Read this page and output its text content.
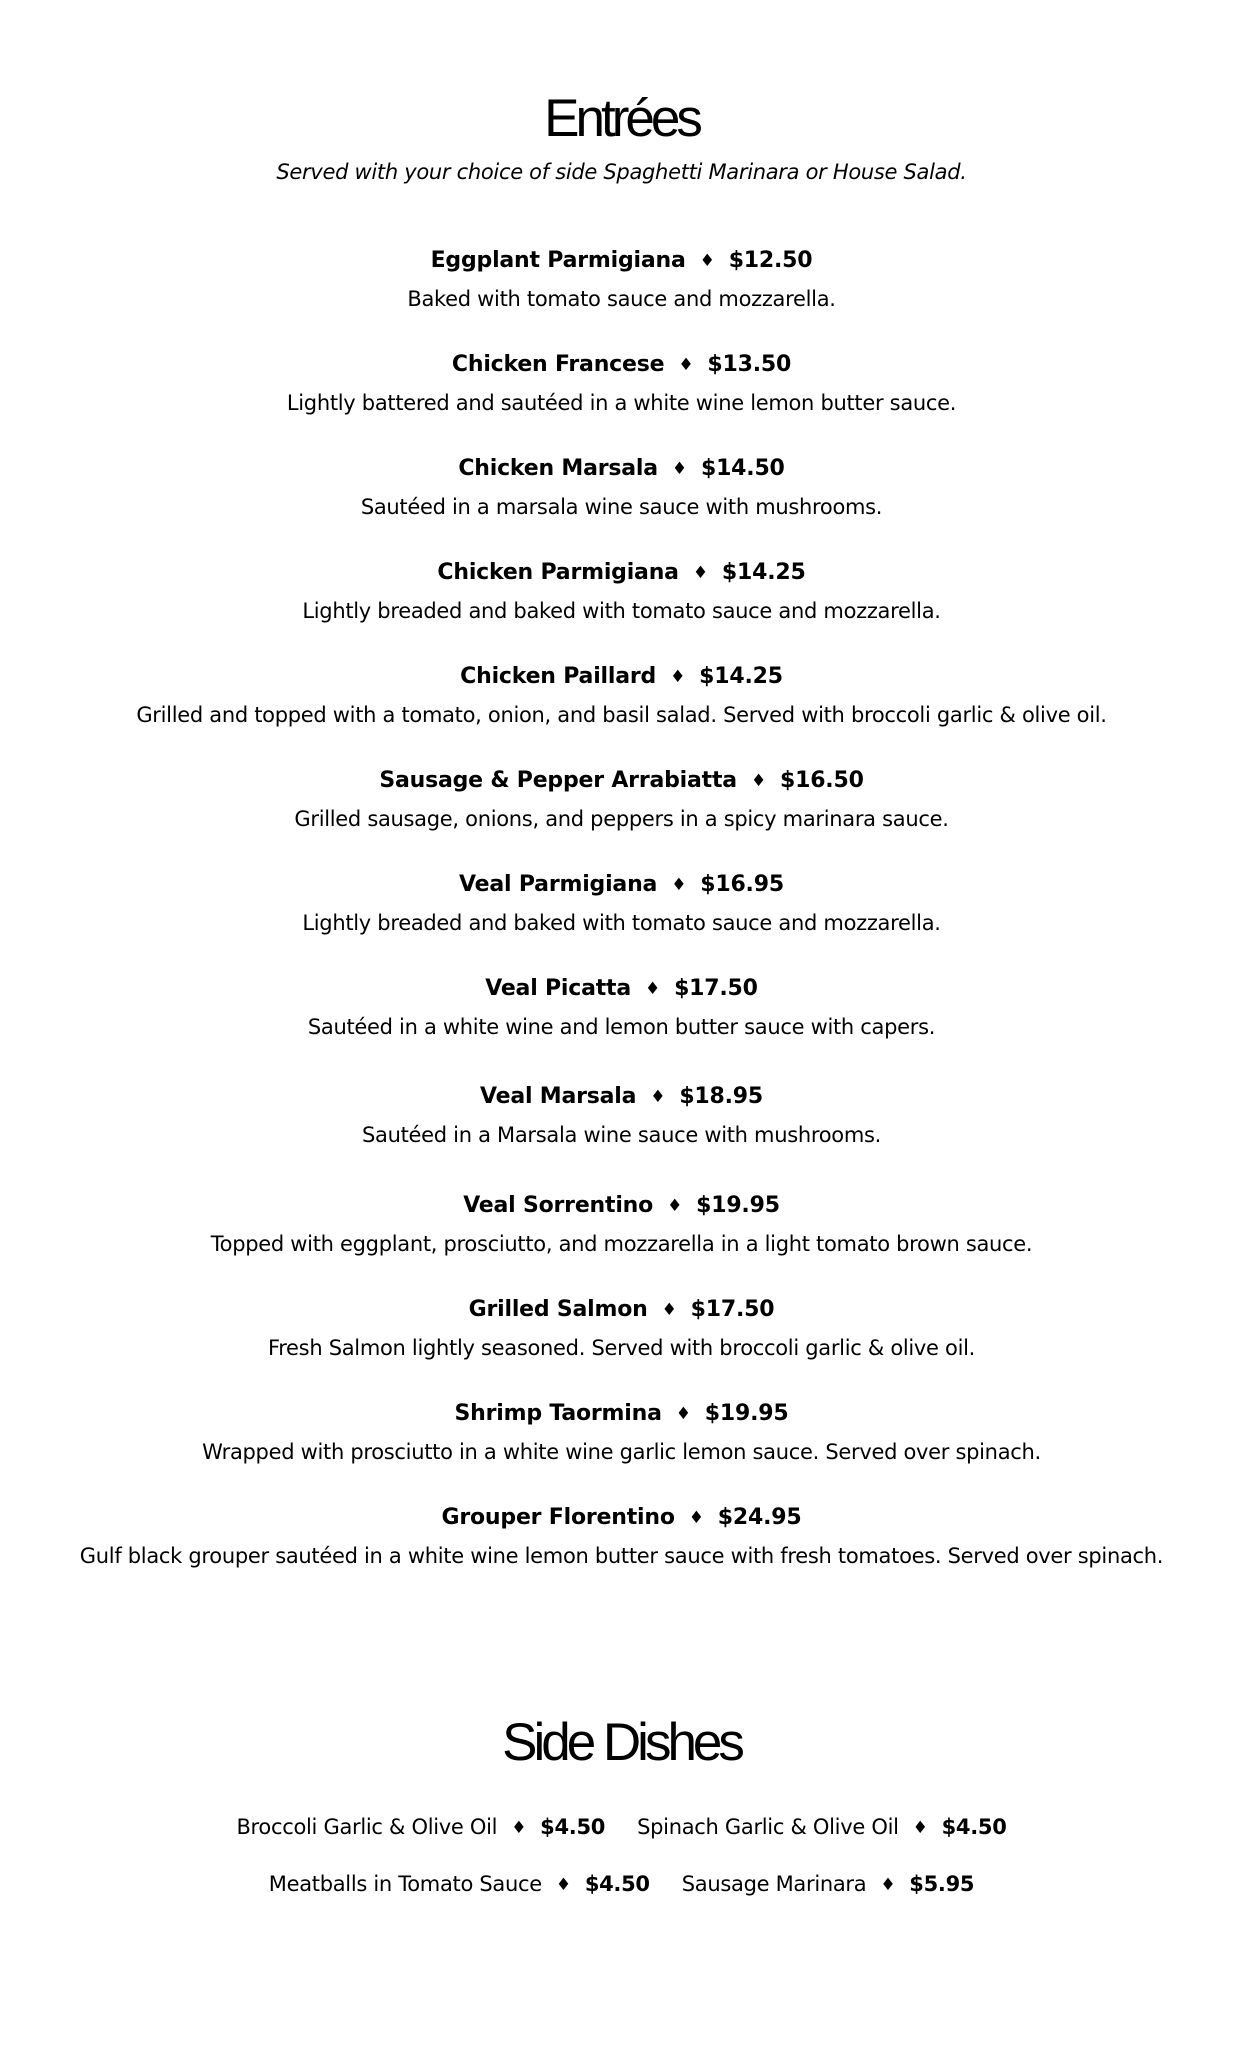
Entrées
Served with your choice of side Spaghetti Marinara or House Salad.
Eggplant Parmigiana ♦ $12.50
Baked with tomato sauce and mozzarella.
Chicken Francese ♦ $13.50
Lightly battered and sautéed in a white wine lemon butter sauce.
Chicken Marsala ♦ $14.50
Sautéed in a marsala wine sauce with mushrooms.
Chicken Parmigiana ♦ $14.25
Lightly breaded and baked with tomato sauce and mozzarella.
Chicken Paillard ♦ $14.25
Grilled and topped with a tomato, onion, and basil salad. Served with broccoli garlic & olive oil.
Sausage & Pepper Arrabiatta ♦ $16.50
Grilled sausage, onions, and peppers in a spicy marinara sauce.
Veal Parmigiana ♦ $16.95
Lightly breaded and baked with tomato sauce and mozzarella.
Veal Picatta ♦ $17.50
Sautéed in a white wine and lemon butter sauce with capers.
Veal Marsala ♦ $18.95
Sautéed in a Marsala wine sauce with mushrooms.
Veal Sorrentino ♦ $19.95
Topped with eggplant, prosciutto, and mozzarella in a light tomato brown sauce.
Grilled Salmon ♦ $17.50
Fresh Salmon lightly seasoned. Served with broccoli garlic & olive oil.
Shrimp Taormina ♦ $19.95
Wrapped with prosciutto in a white wine garlic lemon sauce. Served over spinach.
Grouper Florentino ♦ $24.95
Gulf black grouper sautéed in a white wine lemon butter sauce with fresh tomatoes. Served over spinach.
Side Dishes
Broccoli Garlic & Olive Oil ♦ $4.50 Spinach Garlic & Olive Oil ♦ $4.50
Meatballs in Tomato Sauce ♦ $4.50 Sausage Marinara ♦ $5.95
